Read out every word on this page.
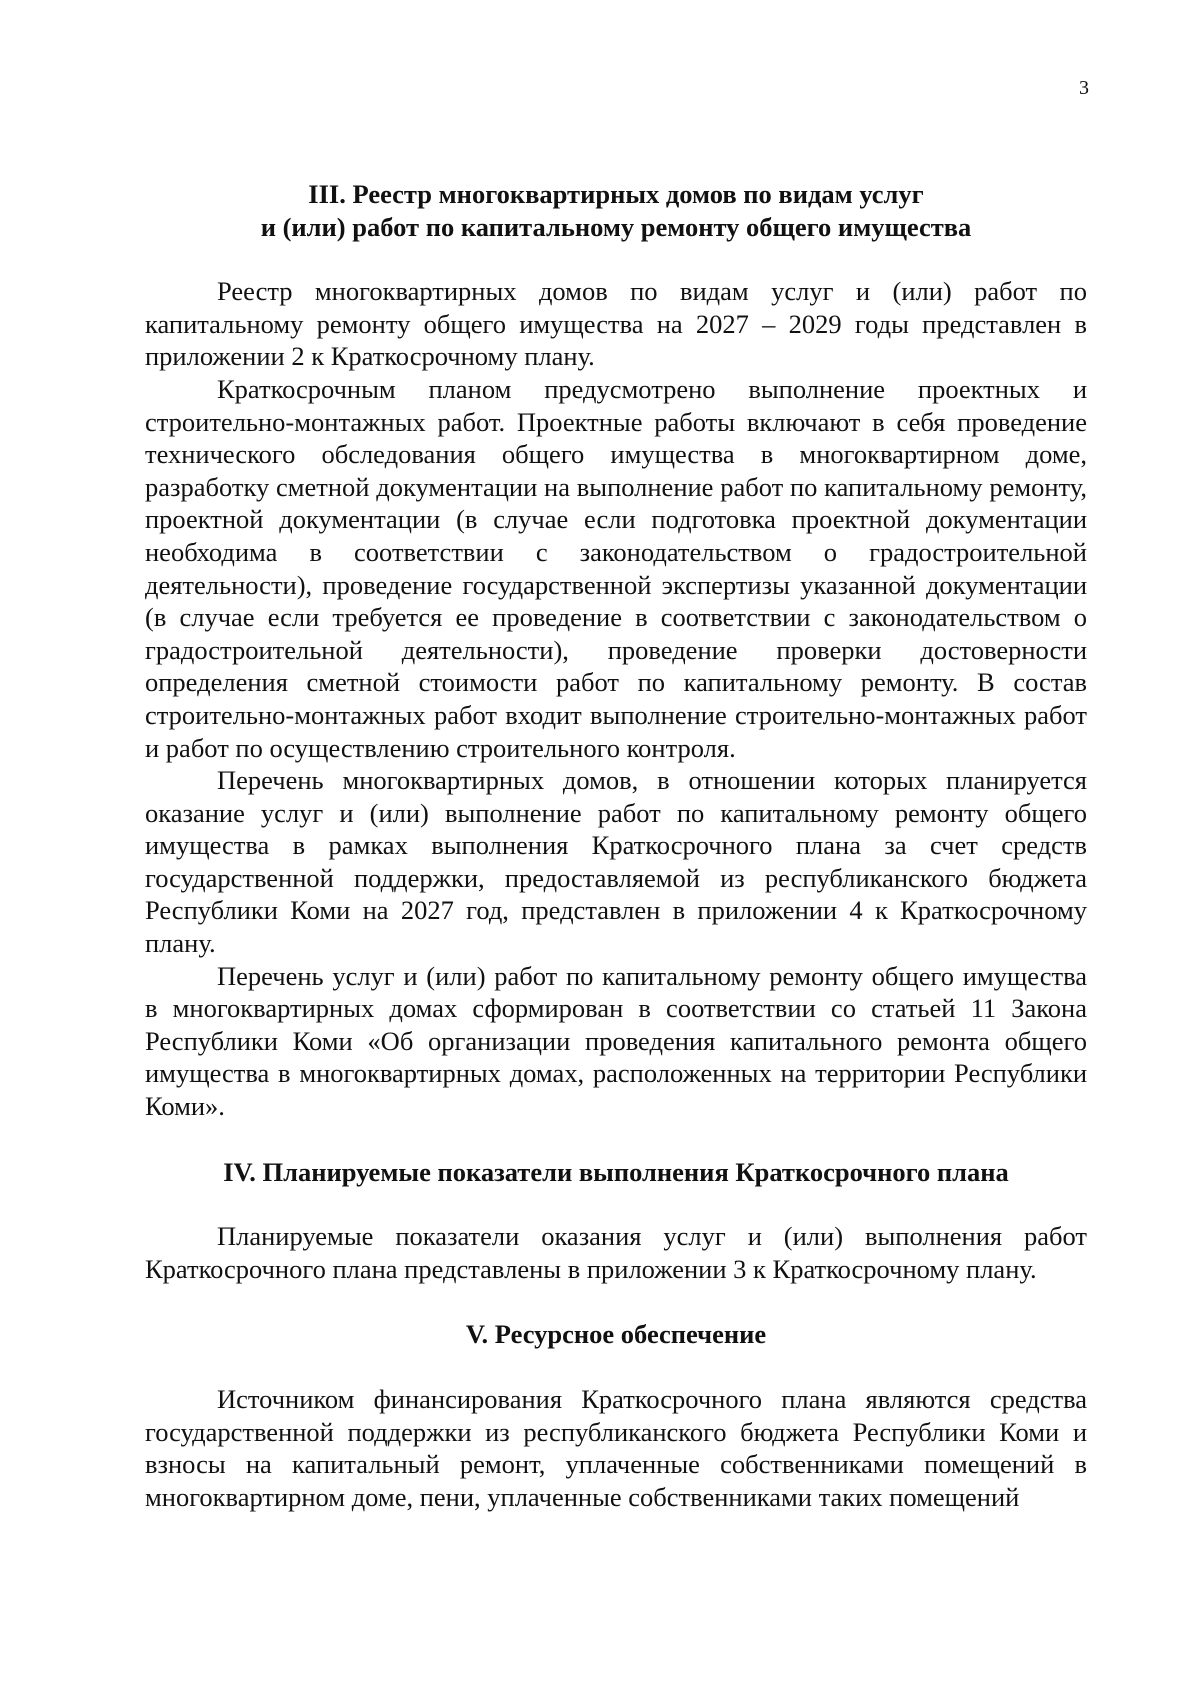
3
III. Реестр многоквартирных домов по видам услуг
и (или) работ по капитальному ремонту общего имущества

Реестр многоквартирных домов по видам услуг и (или) работ по капитальному ремонту общего имущества на 2027 – 2029 годы представлен в приложении 2 к Краткосрочному плану.

Краткосрочным планом предусмотрено выполнение проектных и строительно-монтажных работ. Проектные работы включают в себя проведение технического обследования общего имущества в многоквартирном доме, разработку сметной документации на выполнение работ по капитальному ремонту, проектной документации (в случае если подготовка проектной документации необходима в соответствии с законодательством о градостроительной деятельности), проведение государственной экспертизы указанной документации (в случае если требуется ее проведение в соответствии с законодательством о градостроительной деятельности), проведение проверки достоверности определения сметной стоимости работ по капитальному ремонту. В состав строительно-монтажных работ входит выполнение строительно-монтажных работ и работ по осуществлению строительного контроля.

Перечень многоквартирных домов, в отношении которых планируется оказание услуг и (или) выполнение работ по капитальному ремонту общего имущества в рамках выполнения Краткосрочного плана за счет средств государственной поддержки, предоставляемой из республиканского бюджета Республики Коми на 2027 год, представлен в приложении 4 к Краткосрочному плану.

Перечень услуг и (или) работ по капитальному ремонту общего имущества в многоквартирных домах сформирован в соответствии со статьей 11 Закона Республики Коми «Об организации проведения капитального ремонта общего имущества в многоквартирных домах, расположенных на территории Республики Коми».

IV. Планируемые показатели выполнения Краткосрочного плана

Планируемые показатели оказания услуг и (или) выполнения работ Краткосрочного плана представлены в приложении 3 к Краткосрочному плану.

V. Ресурсное обеспечение

Источником финансирования Краткосрочного плана являются средства государственной поддержки из республиканского бюджета Республики Коми и взносы на капитальный ремонт, уплаченные собственниками помещений в многоквартирном доме, пени, уплаченные собственниками таких помещений
